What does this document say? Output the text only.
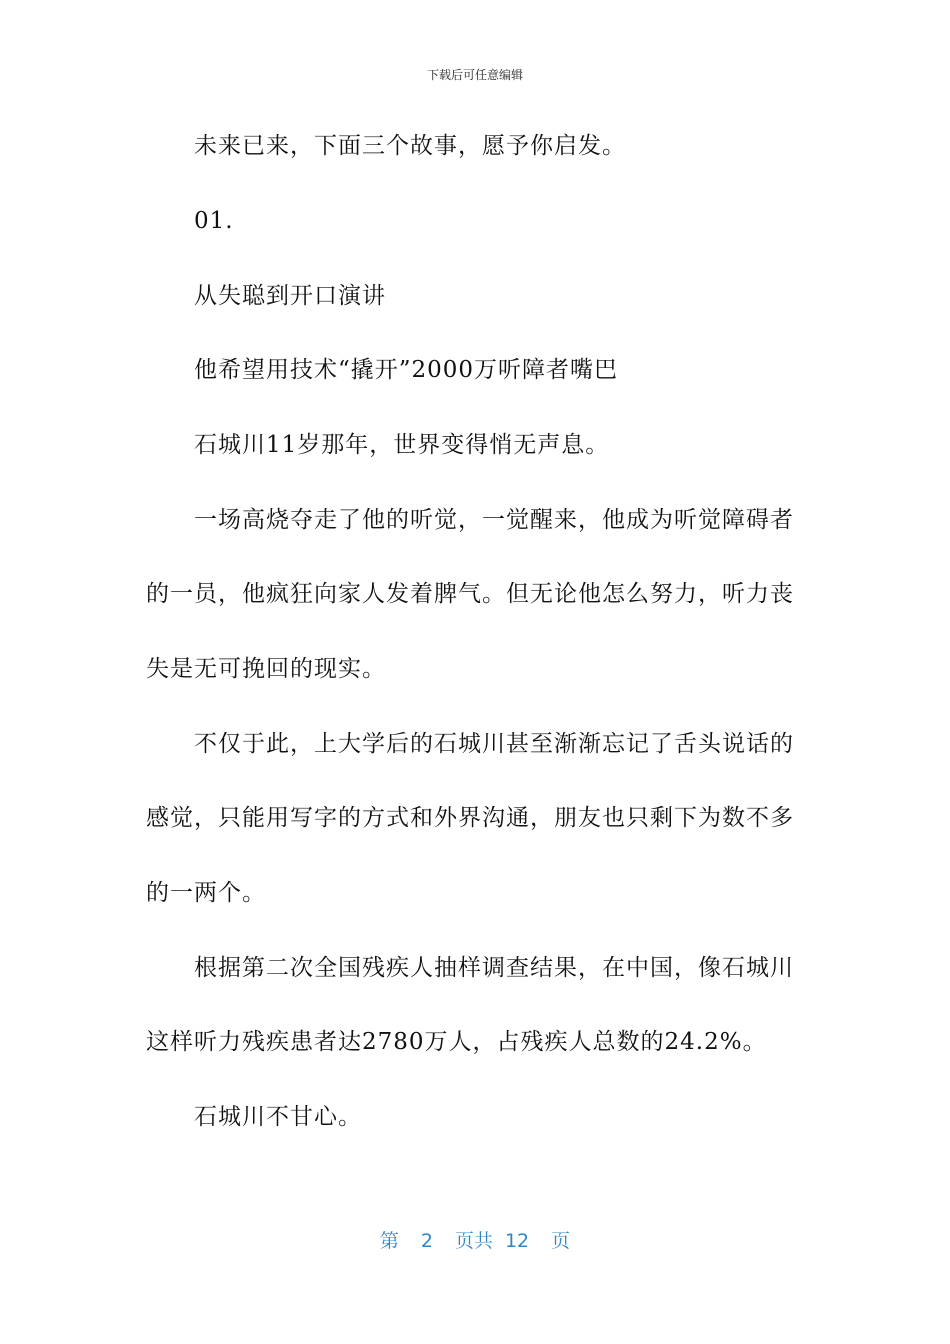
下载后可任意编辑
未来已来，下面三个故事，愿予你启发。
01.
从失聪到开口演讲
他希望用技术“撬开”2000万听障者嘴巴
石城川11岁那年，世界变得悄无声息。
一场高烧夺走了他的听觉，一觉醒来，他成为听觉障碍者
的一员，他疯狂向家人发着脾气。但无论他怎么努力，听力丧
失是无可挽回的现实。
不仅于此，上大学后的石城川甚至渐渐忘记了舌头说话的
感觉，只能用写字的方式和外界沟通，朋友也只剩下为数不多
的一两个。
根据第二次全国残疾人抽样调查结果，在中国，像石城川
这样听力残疾患者达2780万人，占残疾人总数的24.2%。
石城川不甘心。
第 2 页共 12 页
